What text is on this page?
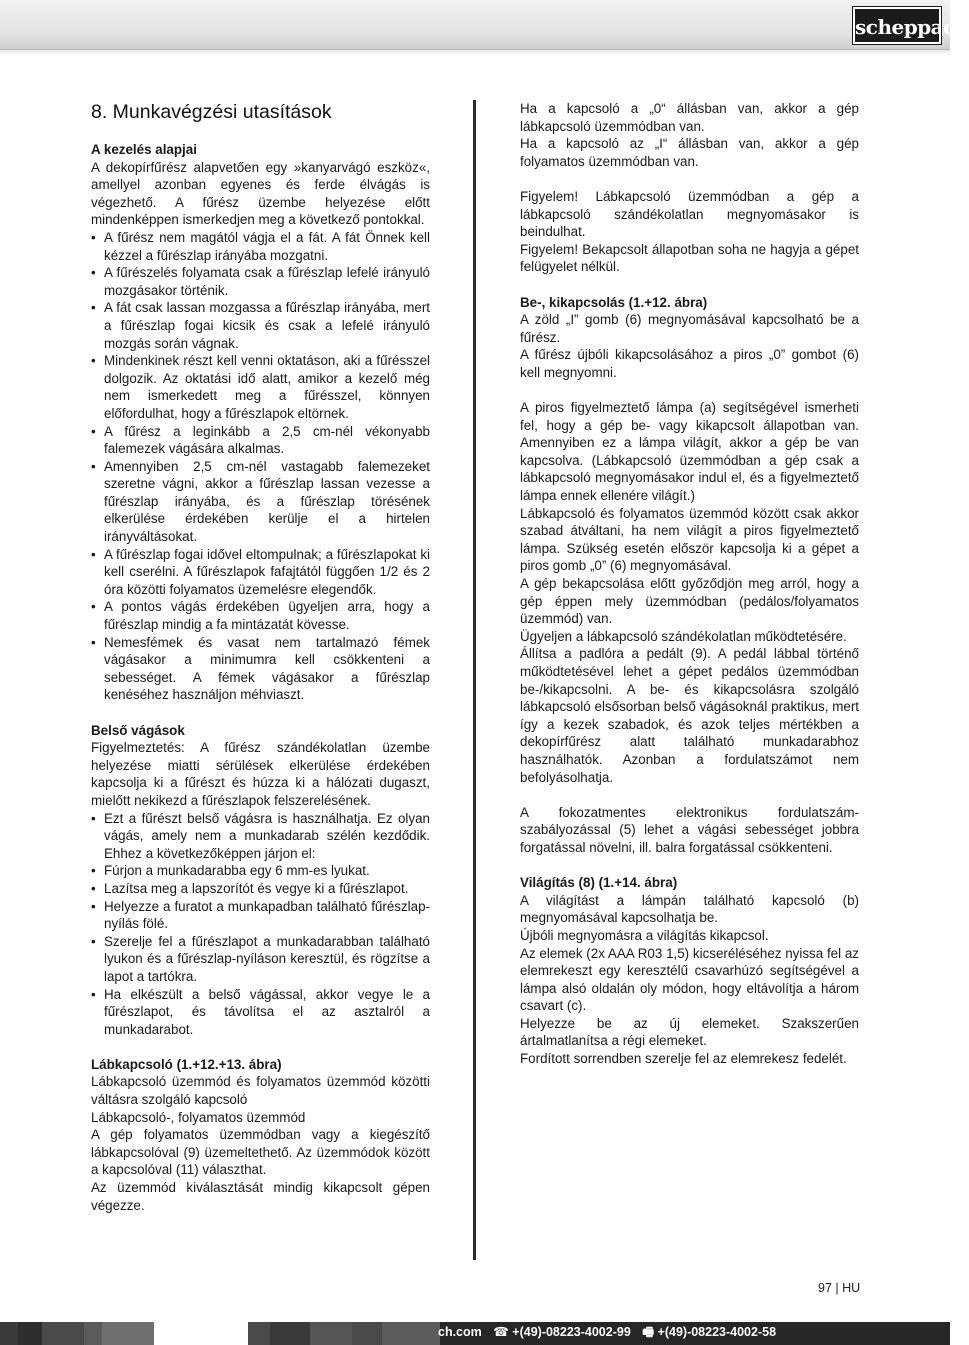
scheppach
8. Munkavégzési utasítások

A kezelés alapjai

A dekopírfűrész alapvetően egy »kanyarvágó eszköz«, amellyel azonban egyenes és ferde élvágás is végezhető. A fűrész üzembe helyezése előtt mindenképpen ismerkedjen meg a következő pontokkal.

• A fűrész nem magától vágja el a fát. A fát Önnek kell kézzel a fűrészlap irányába mozgatni.

• A fűrészelés folyamata csak a fűrészlap lefelé irányuló mozgásakor történik.

• A fát csak lassan mozgassa a fűrészlap irányába, mert a fűrészlap fogai kicsik és csak a lefelé irányuló mozgás során vágnak.

• Mindenkinek részt kell venni oktatáson, aki a fűrésszel dolgozik. Az oktatási idő alatt, amikor a kezelő még nem ismerkedett meg a fűrésszel, könnyen előfordulhat, hogy a fűrészlapok eltörnek.

• A fűrész a leginkább a 2,5 cm-nél vékonyabb falemezek vágására alkalmas.

• Amennyiben 2,5 cm-nél vastagabb falemezeket szeretne vágni, akkor a fűrészlap lassan vezesse a fűrészlap irányába, és a fűrészlap törésének elkerülése érdekében kerülje el a hirtelen irányváltásokat.

• A fűrészlap fogai idővel eltompulnak; a fűrészlapokat ki kell cserélni. A fűrészlapok fafajtától függően 1/2 és 2 óra közötti folyamatos üzemelésre elegendők.

• A pontos vágás érdekében ügyeljen arra, hogy a fűrészlap mindig a fa mintázatát kövesse.

• Nemesfémek és vasat nem tartalmazó fémek vágásakor a minimumra kell csökkenteni a sebességet. A fémek vágásakor a fűrészlap kenéséhez használjon méhviaszt.

Belső vágások

Figyelmeztetés: A fűrész szándékolatlan üzembe helyezése miatti sérülések elkerülése érdekében kapcsolja ki a fűrészt és húzza ki a hálózati dugaszt, mielőtt nekikezd a fűrészlapok felszerelésének.

• Ezt a fűrészt belső vágásra is használhatja. Ez olyan vágás, amely nem a munkadarab szélén kezdődik. Ehhez a következőképpen járjon el:

• Fúrjon a munkadarabba egy 6 mm-es lyukat.

• Lazítsa meg a lapszorítót és vegye ki a fűrészlapot.

• Helyezze a furatot a munkapadban található fűrészlap-nyílás fölé.

• Szerelje fel a fűrészlapot a munkadarabban található lyukon és a fűrészlap-nyíláson keresztül, és rögzítse a lapot a tartókra.

• Ha elkészült a belső vágással, akkor vegye le a fűrészlapot, és távolítsa el az asztalról a munkadarabot.

Lábkapcsoló (1.+12.+13. ábra)

Lábkapcsoló üzemmód és folyamatos üzemmód közötti váltásra szolgáló kapcsoló

Lábkapcsoló-, folyamatos üzemmód

A gép folyamatos üzemmódban vagy a kiegészítő lábkapcsolóval (9) üzemeltethető. Az üzemmódok között a kapcsolóval (11) választhat.

Az üzemmód kiválasztását mindig kikapcsolt gépen végezze.

Ha a kapcsoló a „0“ állásban van, akkor a gép lábkapcsoló üzemmódban van.

Ha a kapcsoló az „I“ állásban van, akkor a gép folyamatos üzemmódban van.

Figyelem! Lábkapcsoló üzemmódban a gép a lábkapcsoló szándékolatlan megnyomásakor is beindulhat.

Figyelem! Bekapcsolt állapotban soha ne hagyja a gépet felügyelet nélkül.

Be-, kikapcsolás (1.+12. ábra)

A zöld „I” gomb (6) megnyomásával kapcsolható be a fűrész.

A fűrész újbóli kikapcsolásához a piros „0” gombot (6) kell megnyomni.

A piros figyelmeztető lámpa (a) segítségével ismerheti fel, hogy a gép be- vagy kikapcsolt állapotban van. Amennyiben ez a lámpa világít, akkor a gép be van kapcsolva. (Lábkapcsoló üzemmódban a gép csak a lábkapcsoló megnyomásakor indul el, és a figyelmeztető lámpa ennek ellenére világít.)

Lábkapcsoló és folyamatos üzemmód között csak akkor szabad átváltani, ha nem világít a piros figyelmeztető lámpa. Szükség esetén először kapcsolja ki a gépet a piros gomb „0” (6) megnyomásával.

A gép bekapcsolása előtt győződjön meg arról, hogy a gép éppen mely üzemmódban (pedálos/folyamatos üzemmód) van.

Ügyeljen a lábkapcsoló szándékolatlan működtetésére.

Állítsa a padlóra a pedált (9). A pedál lábbal történő működtetésével lehet a gépet pedálos üzemmódban be-/kikapcsolni. A be- és kikapcsolásra szolgáló lábkapcsoló elsősorban belső vágásoknál praktikus, mert így a kezek szabadok, és azok teljes mértékben a dekopírfűrész alatt található munkadarabhoz használhatók. Azonban a fordulatszámot nem befolyásolhatja.

A fokozatmentes elektronikus fordulatszám-szabályozással (5) lehet a vágási sebességet jobbra forgatással növelni, ill. balra forgatással csökkenteni.

Világítás (8) (1.+14. ábra)

A világítást a lámpán található kapcsoló (b) megnyomásával kapcsolhatja be.

Újbóli megnyomásra a világítás kikapcsol.

Az elemek (2x AAA R03 1,5) kicseréléséhez nyissa fel az elemrekeszt egy keresztélű csavarhúzó segítségével a lámpa alsó oldalán oly módon, hogy eltávolítja a három csavart (c).

Helyezze be az új elemeket. Szakszerűen ártalmatlanítsa a régi elemeket.

Fordított sorrendben szerelje fel az elemrekesz fedelét.

97 | HU
ch.com ☎ +(49)-08223-4002-99 🖷 +(49)-08223-4002-58
